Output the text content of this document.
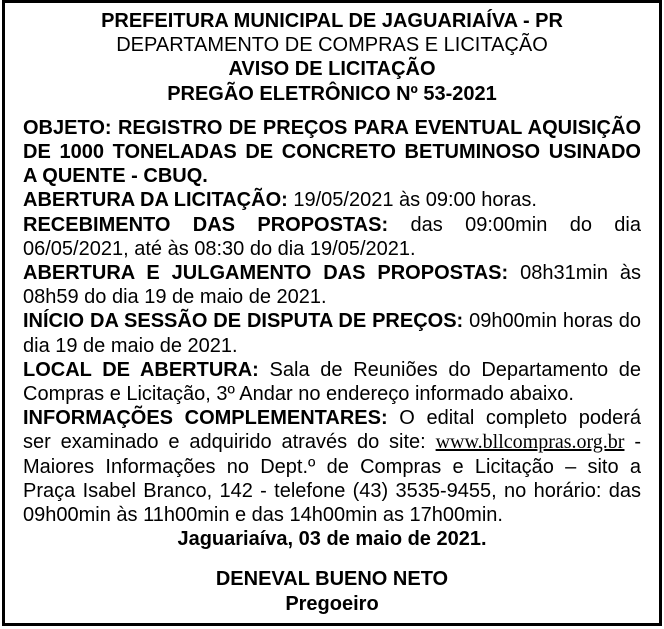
PREFEITURA MUNICIPAL DE JAGUARIAÍVA - PR
DEPARTAMENTO DE COMPRAS E LICITAÇÃO
AVISO DE LICITAÇÃO
PREGÃO ELETRÔNICO Nº 53-2021
OBJETO: REGISTRO DE PREÇOS PARA EVENTUAL AQUISIÇÃO DE 1000 TONELADAS DE CONCRETO BETUMINOSO USINADO A QUENTE - CBUQ.
ABERTURA DA LICITAÇÃO: 19/05/2021 às 09:00 horas.
RECEBIMENTO DAS PROPOSTAS: das 09:00min do dia 06/05/2021, até às 08:30 do dia 19/05/2021.
ABERTURA E JULGAMENTO DAS PROPOSTAS: 08h31min às 08h59 do dia 19 de maio de 2021.
INÍCIO DA SESSÃO DE DISPUTA DE PREÇOS: 09h00min horas do dia 19 de maio de 2021.
LOCAL DE ABERTURA: Sala de Reuniões do Departamento de Compras e Licitação, 3º Andar no endereço informado abaixo.
INFORMAÇÕES COMPLEMENTARES: O edital completo poderá ser examinado e adquirido através do site: www.bllcompras.org.br - Maiores Informações no Dept.º de Compras e Licitação – sito a Praça Isabel Branco, 142 - telefone (43) 3535-9455, no horário: das 09h00min às 11h00min e das 14h00min as 17h00min.
Jaguariaíva, 03 de maio de 2021.
DENEVAL BUENO NETO
Pregoeiro
